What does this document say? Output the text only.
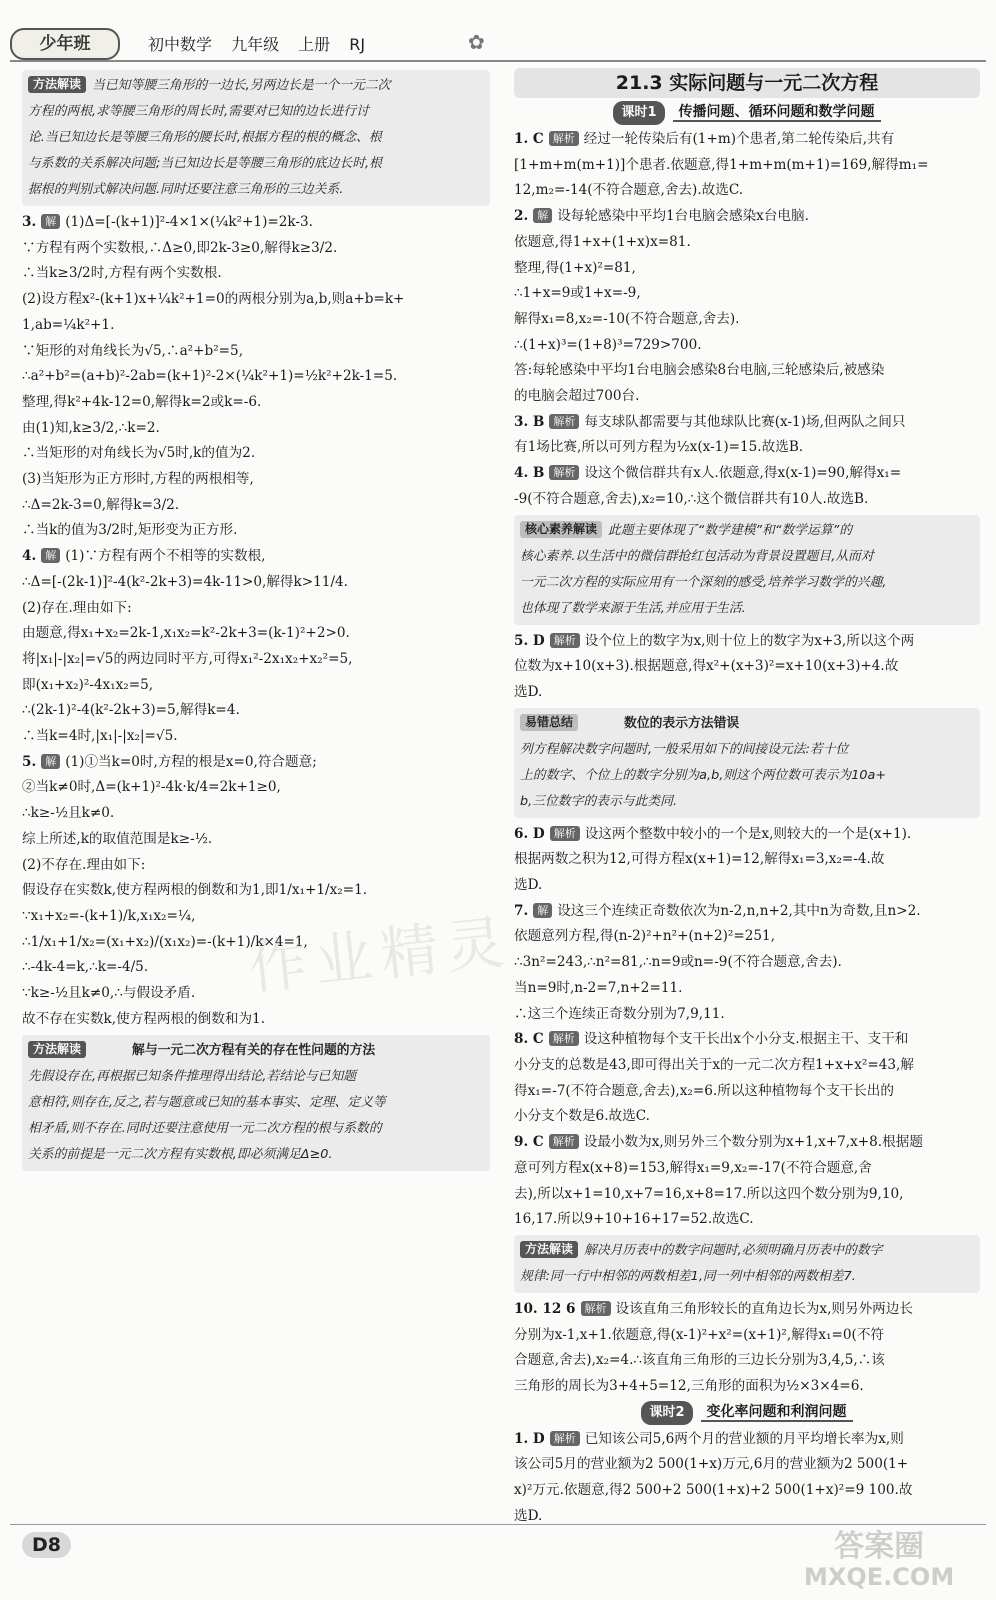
少年班	初中数学 九年级 上册 RJ	✿

方法解读 当已知等腰三角形的一边长,另两边长是一个一元二次

方程的两根,求等腰三角形的周长时,需要对已知的边长进行讨

论.当已知边长是等腰三角形的腰长时,根据方程的根的概念、根

与系数的关系解决问题;当已知边长是等腰三角形的底边长时,根

据根的判别式解决问题.同时还要注意三角形的三边关系.

3. 解 (1)Δ=[-(k+1)]²-4×1×(¼k²+1)=2k-3.

∵方程有两个实数根,∴Δ≥0,即2k-3≥0,解得k≥3/2.

∴当k≥3/2时,方程有两个实数根.

(2)设方程x²-(k+1)x+¼k²+1=0的两根分别为a,b,则a+b=k+

1,ab=¼k²+1.

∵矩形的对角线长为√5,∴a²+b²=5,

∴a²+b²=(a+b)²-2ab=(k+1)²-2×(¼k²+1)=½k²+2k-1=5.

整理,得k²+4k-12=0,解得k=2或k=-6.

由(1)知,k≥3/2,∴k=2.

∴当矩形的对角线长为√5时,k的值为2.

(3)当矩形为正方形时,方程的两根相等,

∴Δ=2k-3=0,解得k=3/2.

∴当k的值为3/2时,矩形变为正方形.

4. 解 (1)∵方程有两个不相等的实数根,

∴Δ=[-(2k-1)]²-4(k²-2k+3)=4k-11>0,解得k>11/4.

(2)存在.理由如下:

由题意,得x₁+x₂=2k-1,x₁x₂=k²-2k+3=(k-1)²+2>0.

将|x₁|-|x₂|=√5的两边同时平方,可得x₁²-2x₁x₂+x₂²=5,

即(x₁+x₂)²-4x₁x₂=5,

∴(2k-1)²-4(k²-2k+3)=5,解得k=4.

∴当k=4时,|x₁|-|x₂|=√5.

5. 解 (1)①当k=0时,方程的根是x=0,符合题意;

②当k≠0时,Δ=(k+1)²-4k·k/4=2k+1≥0,

∴k≥-½且k≠0.

综上所述,k的取值范围是k≥-½.

(2)不存在.理由如下:

假设存在实数k,使方程两根的倒数和为1,即1/x₁+1/x₂=1.

∵x₁+x₂=-(k+1)/k,x₁x₂=¼,

∴1/x₁+1/x₂=(x₁+x₂)/(x₁x₂)=-(k+1)/k×4=1,

∴-4k-4=k,∴k=-4/5.

∵k≥-½且k≠0,∴与假设矛盾.

故不存在实数k,使方程两根的倒数和为1.

方法解读	解与一元二次方程有关的存在性问题的方法

先假设存在,再根据已知条件推理得出结论,若结论与已知题

意相符,则存在,反之,若与题意或已知的基本事实、定理、定义等

相矛盾,则不存在.同时还要注意使用一元二次方程的根与系数的

关系的前提是一元二次方程有实数根,即必须满足Δ≥0.

21.3 实际问题与一元二次方程
课时1 传播问题、循环问题和数学问题

1. C 解析 经过一轮传染后有(1+m)个患者,第二轮传染后,共有

[1+m+m(m+1)]个患者.依题意,得1+m+m(m+1)=169,解得m₁=

12,m₂=-14(不符合题意,舍去).故选C.

2. 解 设每轮感染中平均1台电脑会感染x台电脑.

依题意,得1+x+(1+x)x=81.

整理,得(1+x)²=81,

∴1+x=9或1+x=-9,

解得x₁=8,x₂=-10(不符合题意,舍去).

∴(1+x)³=(1+8)³=729>700.

答:每轮感染中平均1台电脑会感染8台电脑,三轮感染后,被感染

的电脑会超过700台.

3. B 解析 每支球队都需要与其他球队比赛(x-1)场,但两队之间只

有1场比赛,所以可列方程为½x(x-1)=15.故选B.

4. B 解析 设这个微信群共有x人.依题意,得x(x-1)=90,解得x₁=

-9(不符合题意,舍去),x₂=10,∴这个微信群共有10人.故选B.

核心素养解读 此题主要体现了“数学建模”和“数学运算”的

核心素养.以生活中的微信群抢红包活动为背景设置题目,从而对

一元二次方程的实际应用有一个深刻的感受,培养学习数学的兴趣,

也体现了数学来源于生活,并应用于生活.

5. D 解析 设个位上的数字为x,则十位上的数字为x+3,所以这个两

位数为x+10(x+3).根据题意,得x²+(x+3)²=x+10(x+3)+4.故

选D.

易错总结	数位的表示方法错误

列方程解决数字问题时,一般采用如下的间接设元法:若十位

上的数字、个位上的数字分别为a,b,则这个两位数可表示为10a+

b,三位数字的表示与此类同.

6. D 解析 设这两个整数中较小的一个是x,则较大的一个是(x+1).

根据两数之积为12,可得方程x(x+1)=12,解得x₁=3,x₂=-4.故

选D.

7. 解 设这三个连续正奇数依次为n-2,n,n+2,其中n为奇数,且n>2.

依题意列方程,得(n-2)²+n²+(n+2)²=251,

∴3n²=243,∴n²=81,∴n=9或n=-9(不符合题意,舍去).

当n=9时,n-2=7,n+2=11.

∴这三个连续正奇数分别为7,9,11.

8. C 解析 设这种植物每个支干长出x个小分支.根据主干、支干和

小分支的总数是43,即可得出关于x的一元二次方程1+x+x²=43,解

得x₁=-7(不符合题意,舍去),x₂=6.所以这种植物每个支干长出的

小分支个数是6.故选C.

9. C 解析 设最小数为x,则另外三个数分别为x+1,x+7,x+8.根据题

意可列方程x(x+8)=153,解得x₁=9,x₂=-17(不符合题意,舍

去),所以x+1=10,x+7=16,x+8=17.所以这四个数分别为9,10,

16,17.所以9+10+16+17=52.故选C.

方法解读 解决月历表中的数字问题时,必须明确月历表中的数字

规律:同一行中相邻的两数相差1,同一列中相邻的两数相差7.

10. 12 6 解析 设该直角三角形较长的直角边长为x,则另外两边长

分别为x-1,x+1.依题意,得(x-1)²+x²=(x+1)²,解得x₁=0(不符

合题意,舍去),x₂=4.∴该直角三角形的三边长分别为3,4,5,∴该

三角形的周长为3+4+5=12,三角形的面积为½×3×4=6.

课时2 变化率问题和利润问题

1. D 解析 已知该公司5,6两个月的营业额的月平均增长率为x,则

该公司5月的营业额为2 500(1+x)万元,6月的营业额为2 500(1+

x)²万元.依题意,得2 500+2 500(1+x)+2 500(1+x)²=9 100.故

选D.

作业精灵
D8	答案圈
MXQE.COM
